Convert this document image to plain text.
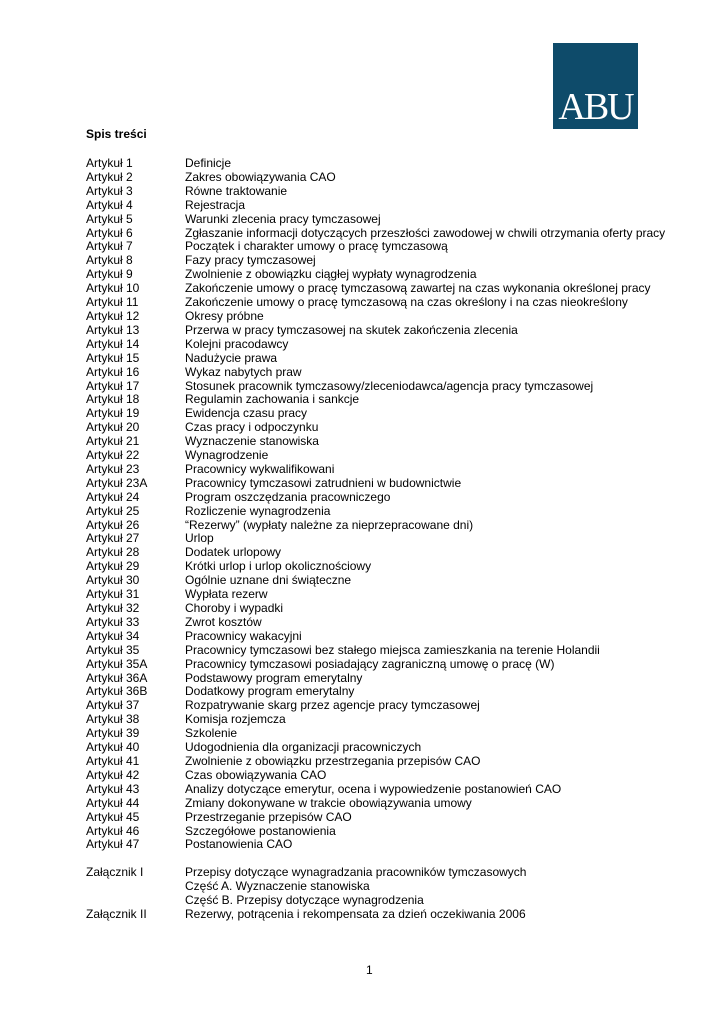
ABU
Spis treści
Artykuł 1	Definicje
Artykuł 2	Zakres obowiązywania CAO
Artykuł 3	Równe traktowanie
Artykuł 4	Rejestracja
Artykuł 5	Warunki zlecenia pracy tymczasowej
Artykuł 6	Zgłaszanie informacji dotyczących przeszłości zawodowej w chwili otrzymania oferty pracy
Artykuł 7	Początek i charakter umowy o pracę tymczasową
Artykuł 8	Fazy pracy tymczasowej
Artykuł 9	Zwolnienie z obowiązku ciągłej wypłaty wynagrodzenia
Artykuł 10	Zakończenie umowy o pracę tymczasową zawartej na czas wykonania określonej pracy
Artykuł 11	Zakończenie umowy o pracę tymczasową na czas określony i na czas nieokreślony
Artykuł 12	Okresy próbne
Artykuł 13	Przerwa w pracy tymczasowej na skutek zakończenia zlecenia
Artykuł 14	Kolejni pracodawcy
Artykuł 15	Nadużycie prawa
Artykuł 16	Wykaz nabytych praw
Artykuł 17	Stosunek pracownik tymczasowy/zleceniodawca/agencja pracy tymczasowej
Artykuł 18	Regulamin zachowania i sankcje
Artykuł 19	Ewidencja czasu pracy
Artykuł 20	Czas pracy i odpoczynku
Artykuł 21	Wyznaczenie stanowiska
Artykuł 22	Wynagrodzenie
Artykuł 23	Pracownicy wykwalifikowani
Artykuł 23A	Pracownicy tymczasowi zatrudnieni w budownictwie
Artykuł 24	Program oszczędzania pracowniczego
Artykuł 25	Rozliczenie wynagrodzenia
Artykuł 26	“Rezerwy” (wypłaty należne za nieprzepracowane dni)
Artykuł 27	Urlop
Artykuł 28	Dodatek urlopowy
Artykuł 29	Krótki urlop i urlop okolicznościowy
Artykuł 30	Ogólnie uznane dni świąteczne
Artykuł 31	Wypłata rezerw
Artykuł 32	Choroby i wypadki
Artykuł 33	Zwrot kosztów
Artykuł 34	Pracownicy wakacyjni
Artykuł 35	Pracownicy tymczasowi bez stałego miejsca zamieszkania na terenie Holandii
Artykuł 35A	Pracownicy tymczasowi posiadający zagraniczną umowę o pracę (W)
Artykuł 36A	Podstawowy program emerytalny
Artykuł 36B	Dodatkowy program emerytalny
Artykuł 37	Rozpatrywanie skarg przez agencje pracy tymczasowej
Artykuł 38	Komisja rozjemcza
Artykuł 39	Szkolenie
Artykuł 40	Udogodnienia dla organizacji pracowniczych
Artykuł 41	Zwolnienie z obowiązku przestrzegania przepisów CAO
Artykuł 42	Czas obowiązywania CAO
Artykuł 43	Analizy dotyczące emerytur, ocena i wypowiedzenie postanowień CAO
Artykuł 44	Zmiany dokonywane w trakcie obowiązywania umowy
Artykuł 45	Przestrzeganie przepisów CAO
Artykuł 46	Szczegółowe postanowienia
Artykuł 47	Postanowienia CAO
Załącznik I	Przepisy dotyczące wynagradzania pracowników tymczasowych
Część A. Wyznaczenie stanowiska
Część B. Przepisy dotyczące wynagrodzenia
Załącznik II	Rezerwy, potrącenia i rekompensata za dzień oczekiwania 2006
1
